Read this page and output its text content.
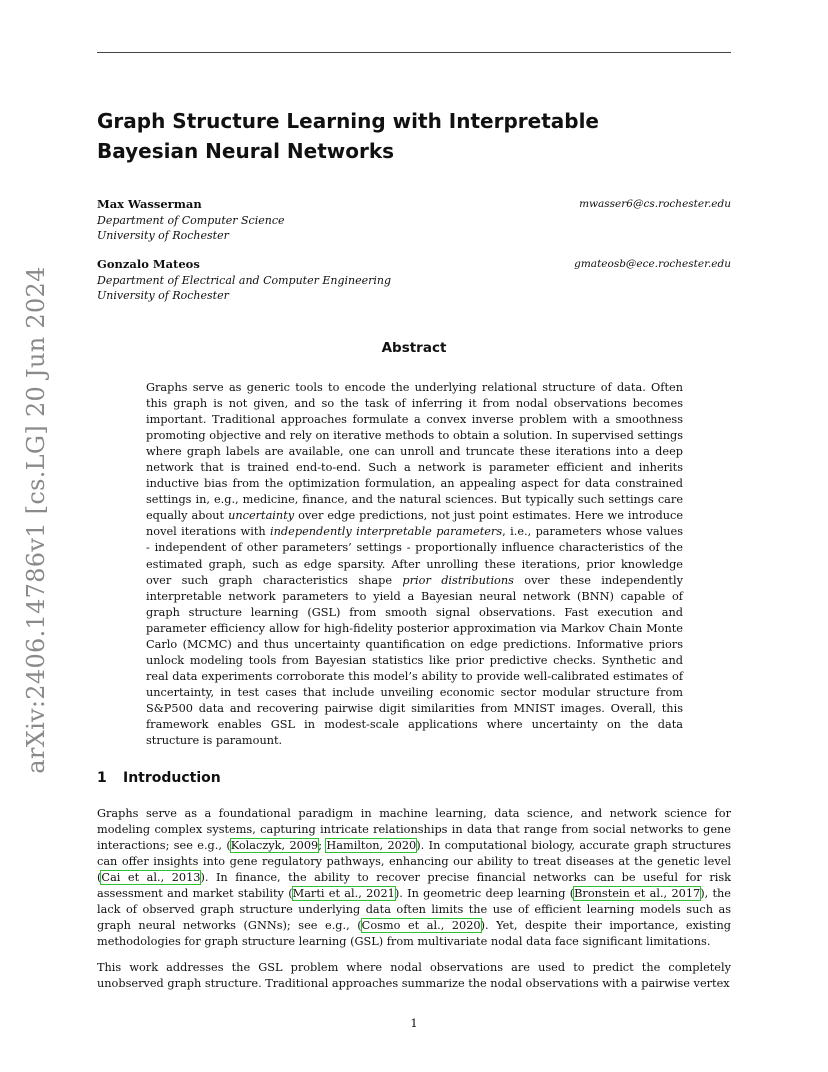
arXiv:2406.14786v1 [cs.LG] 20 Jun 2024
Graph Structure Learning with Interpretable
Bayesian Neural Networks
Max Wasserman	mwasser6@cs.rochester.edu
Department of Computer Science
University of Rochester
Gonzalo Mateos	gmateosb@ece.rochester.edu
Department of Electrical and Computer Engineering
University of Rochester
Abstract
Graphs serve as generic tools to encode the underlying relational structure of data. Often this graph is not given, and so the task of inferring it from nodal observations becomes important. Traditional approaches formulate a convex inverse problem with a smoothness promoting objective and rely on iterative methods to obtain a solution. In supervised settings where graph labels are available, one can unroll and truncate these iterations into a deep network that is trained end-to-end. Such a network is parameter efficient and inherits inductive bias from the optimization formulation, an appealing aspect for data constrained settings in, e.g., medicine, finance, and the natural sciences. But typically such settings care equally about uncertainty over edge predictions, not just point estimates. Here we introduce novel iterations with independently interpretable parameters, i.e., parameters whose values - independent of other parameters’ settings - proportionally influence characteristics of the estimated graph, such as edge sparsity. After unrolling these iterations, prior knowledge over such graph characteristics shape prior distributions over these independently interpretable network parameters to yield a Bayesian neural network (BNN) capable of graph structure learning (GSL) from smooth signal observations. Fast execution and parameter efficiency allow for high-fidelity posterior approximation via Markov Chain Monte Carlo (MCMC) and thus uncertainty quantification on edge predictions. Informative priors unlock modeling tools from Bayesian statistics like prior predictive checks. Synthetic and real data experiments corroborate this model’s ability to provide well-calibrated estimates of uncertainty, in test cases that include unveiling economic sector modular structure from S&P500 data and recovering pairwise digit similarities from MNIST images. Overall, this framework enables GSL in modest-scale applications where uncertainty on the data structure is paramount.
1 Introduction
Graphs serve as a foundational paradigm in machine learning, data science, and network science for modeling complex systems, capturing intricate relationships in data that range from social networks to gene interactions; see e.g., (Kolaczyk, 2009; Hamilton, 2020). In computational biology, accurate graph structures can offer insights into gene regulatory pathways, enhancing our ability to treat diseases at the genetic level (Cai et al., 2013). In finance, the ability to recover precise financial networks can be useful for risk assessment and market stability (Marti et al., 2021). In geometric deep learning (Bronstein et al., 2017), the lack of observed graph structure underlying data often limits the use of efficient learning models such as graph neural networks (GNNs); see e.g., (Cosmo et al., 2020). Yet, despite their importance, existing methodologies for graph structure learning (GSL) from multivariate nodal data face significant limitations.
This work addresses the GSL problem where nodal observations are used to predict the completely unobserved graph structure. Traditional approaches summarize the nodal observations with a pairwise vertex
1
